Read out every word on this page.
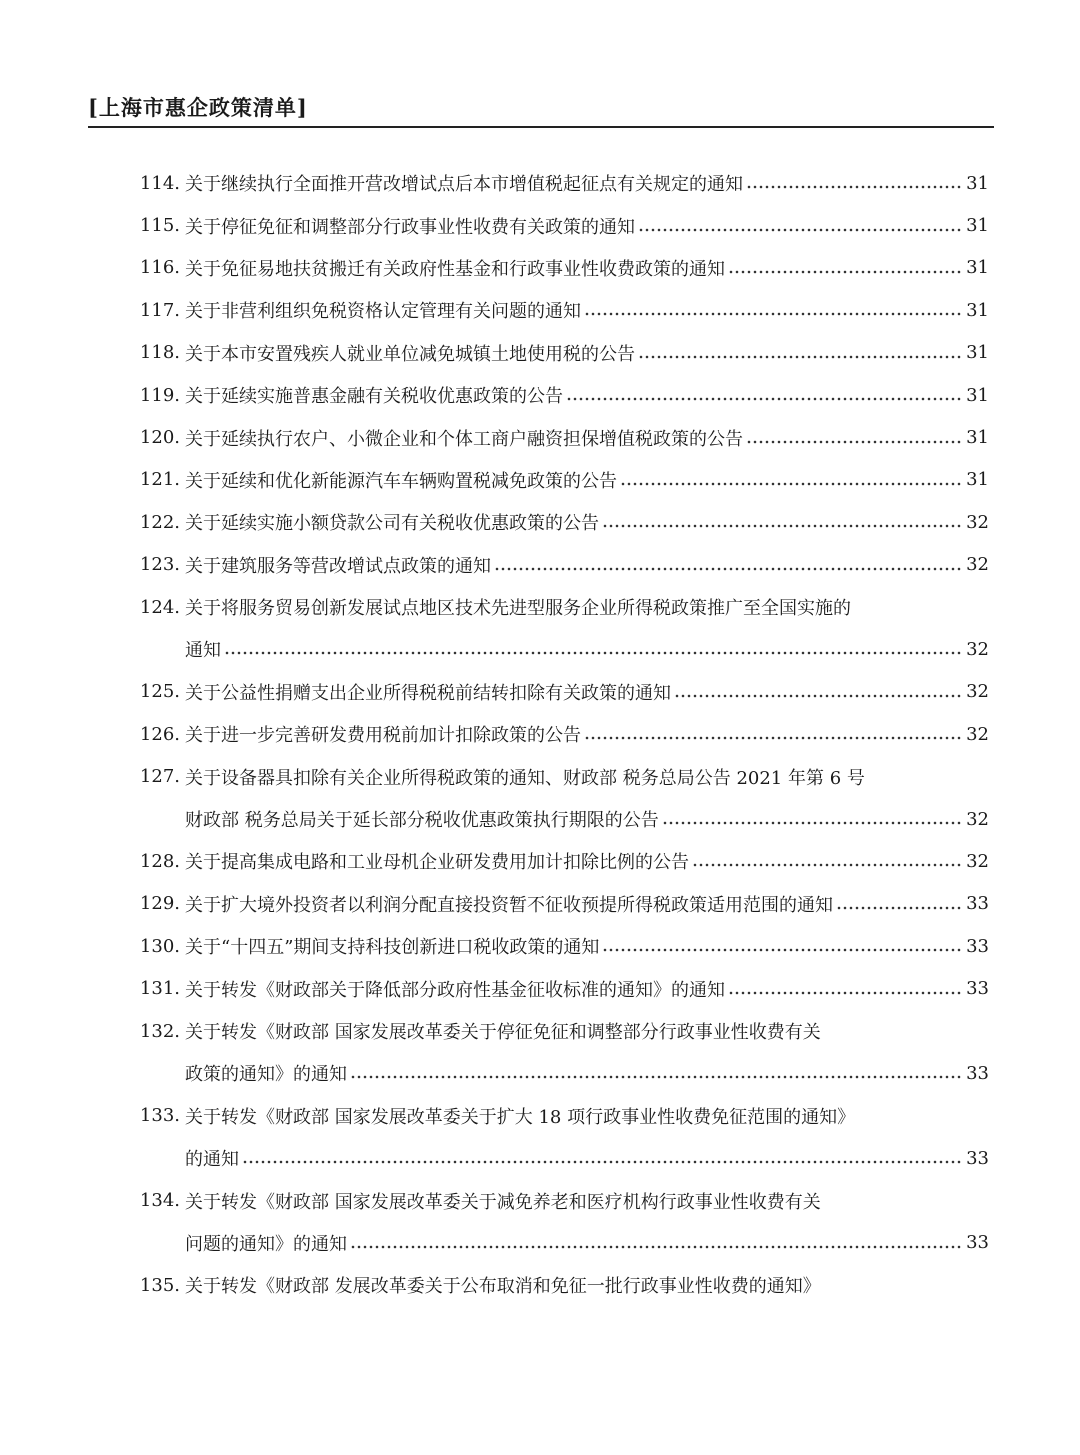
[上海市惠企政策清单]
114. 关于继续执行全面推开营改增试点后本市增值税起征点有关规定的通知	31
115. 关于停征免征和调整部分行政事业性收费有关政策的通知	31
116. 关于免征易地扶贫搬迁有关政府性基金和行政事业性收费政策的通知	31
117. 关于非营利组织免税资格认定管理有关问题的通知	31
118. 关于本市安置残疾人就业单位减免城镇土地使用税的公告	31
119. 关于延续实施普惠金融有关税收优惠政策的公告	31
120. 关于延续执行农户、小微企业和个体工商户融资担保增值税政策的公告	31
121. 关于延续和优化新能源汽车车辆购置税减免政策的公告	31
122. 关于延续实施小额贷款公司有关税收优惠政策的公告	32
123. 关于建筑服务等营改增试点政策的通知	32
124. 关于将服务贸易创新发展试点地区技术先进型服务企业所得税政策推广至全国实施的
通知	32
125. 关于公益性捐赠支出企业所得税税前结转扣除有关政策的通知	32
126. 关于进一步完善研发费用税前加计扣除政策的公告	32
127. 关于设备器具扣除有关企业所得税政策的通知、财政部 税务总局公告 2021 年第 6 号
财政部 税务总局关于延长部分税收优惠政策执行期限的公告	32
128. 关于提高集成电路和工业母机企业研发费用加计扣除比例的公告	32
129. 关于扩大境外投资者以利润分配直接投资暂不征收预提所得税政策适用范围的通知	33
130. 关于“十四五”期间支持科技创新进口税收政策的通知	33
131. 关于转发《财政部关于降低部分政府性基金征收标准的通知》的通知	33
132. 关于转发《财政部 国家发展改革委关于停征免征和调整部分行政事业性收费有关
政策的通知》的通知	33
133. 关于转发《财政部 国家发展改革委关于扩大 18 项行政事业性收费免征范围的通知》
的通知	33
134. 关于转发《财政部 国家发展改革委关于减免养老和医疗机构行政事业性收费有关
问题的通知》的通知	33
135. 关于转发《财政部 发展改革委关于公布取消和免征一批行政事业性收费的通知》
